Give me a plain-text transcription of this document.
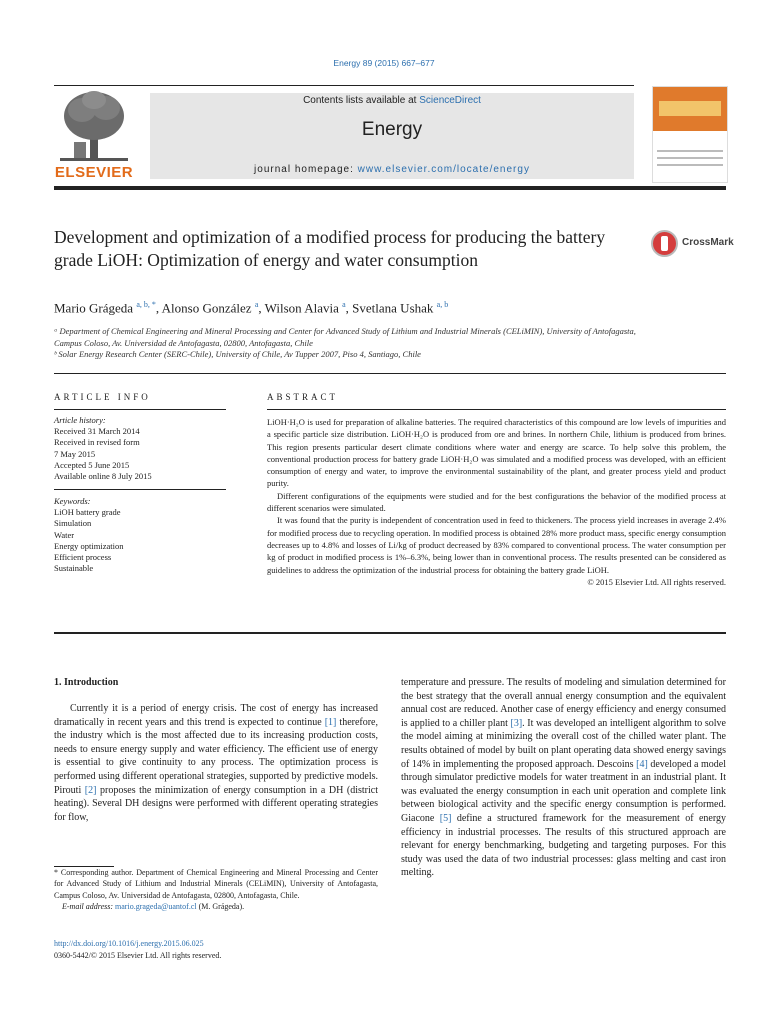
Energy 89 (2015) 667–677
ELSEVIER
Contents lists available at ScienceDirect
Energy
journal homepage: www.elsevier.com/locate/energy
Development and optimization of a modified process for producing the battery grade LiOH: Optimization of energy and water consumption
CrossMark
Mario Grágeda $^{a, b, *}$, Alonso González $^a$, Wilson Alavia $^a$, Svetlana Ushak $^{a, b}$
ᵃ Department of Chemical Engineering and Mineral Processing and Center for Advanced Study of Lithium and Industrial Minerals (CELiMIN), University of Antofagasta, Campus Coloso, Av. Universidad de Antofagasta, 02800, Antofagasta, Chile
ᵇ Solar Energy Research Center (SERC-Chile), University of Chile, Av Tupper 2007, Piso 4, Santiago, Chile
ARTICLE INFO
Article history:
Received 31 March 2014
Received in revised form
7 May 2015
Accepted 5 June 2015
Available online 8 July 2015
Keywords:
LiOH battery grade
Simulation
Water
Energy optimization
Efficient process
Sustainable
ABSTRACT

LiOH·H₂O is used for preparation of alkaline batteries. The required characteristics of this compound are low levels of impurities and a specific particle size distribution. LiOH·H₂O is produced from ore and brines. In northern Chile, lithium is produced from brines. This region presents particular desert climate conditions where water and energy are scarce. To help solve this problem, the conventional production process for battery grade LiOH·H₂O was simulated and a modified process was developed, with an efficient consumption of energy and water, to improve the environmental sustainability of the plant, and greater process yield and product purity.

Different configurations of the equipments were studied and for the best configurations the behavior of the modified process at different scenarios were simulated.

It was found that the purity is independent of concentration used in feed to thickeners. The process yield increases in average 2.4% for modified process due to recycling operation. In modified process is obtained 28% more product mass, specific energy consumption decreases up to 4.8% and losses of Li/kg of product decreased by 83% compared to conventional process. The water consumption per kg of product in modified process is 1%–6.3%, being lower than in conventional process. The results presented can be considered as guidelines to address the optimization of the industrial process for obtaining the battery grade LiOH.

© 2015 Elsevier Ltd. All rights reserved.

1. Introduction

Currently it is a period of energy crisis. The cost of energy has increased dramatically in recent years and this trend is expected to continue [1] therefore, the industry which is the most affected due to its increasing production costs, needs to ensure energy supply and water efficiency. The efficient use of energy is essential to give continuity to any process. The optimization process is performed using different operational strategies, supported by predictive models. Pirouti [2] proposes the minimization of energy consumption in a DH (district heating). Several DH designs were performed with different operating strategies for flow,

temperature and pressure. The results of modeling and simulation determined for the best strategy that the overall annual energy consumption and the equivalent annual cost are reduced. Another case of energy efficiency and energy consumed is applied to a chiller plant [3]. It was developed an intelligent algorithm to solve the model aiming at minimizing the overall cost of the chilled water plant. The results obtained of model by built on plant operating data showed energy savings of 14% in implementing the proposed approach. Descoins [4] developed a model through simulator predictive models for water treatment in an industrial plant. It was evaluated the energy consumption in each unit operation and complete link between biological activity and the specific energy consumption is performed. Giacone [5] define a structured framework for the measurement of energy efficiency in industrial processes. The results of this structured approach are relevant for energy benchmarking, budgeting and targeting purposes. For this study was used the data of two industrial processes: glass melting and cast iron melting.

* Corresponding author. Department of Chemical Engineering and Mineral Processing and Center for Advanced Study of Lithium and Industrial Minerals (CELiMIN), University of Antofagasta, Campus Coloso, Av. Universidad de Antofagasta, 02800, Antofagasta, Chile.
E-mail address: mario.grageda@uantof.cl (M. Grágeda).
http://dx.doi.org/10.1016/j.energy.2015.06.025
0360-5442/© 2015 Elsevier Ltd. All rights reserved.
